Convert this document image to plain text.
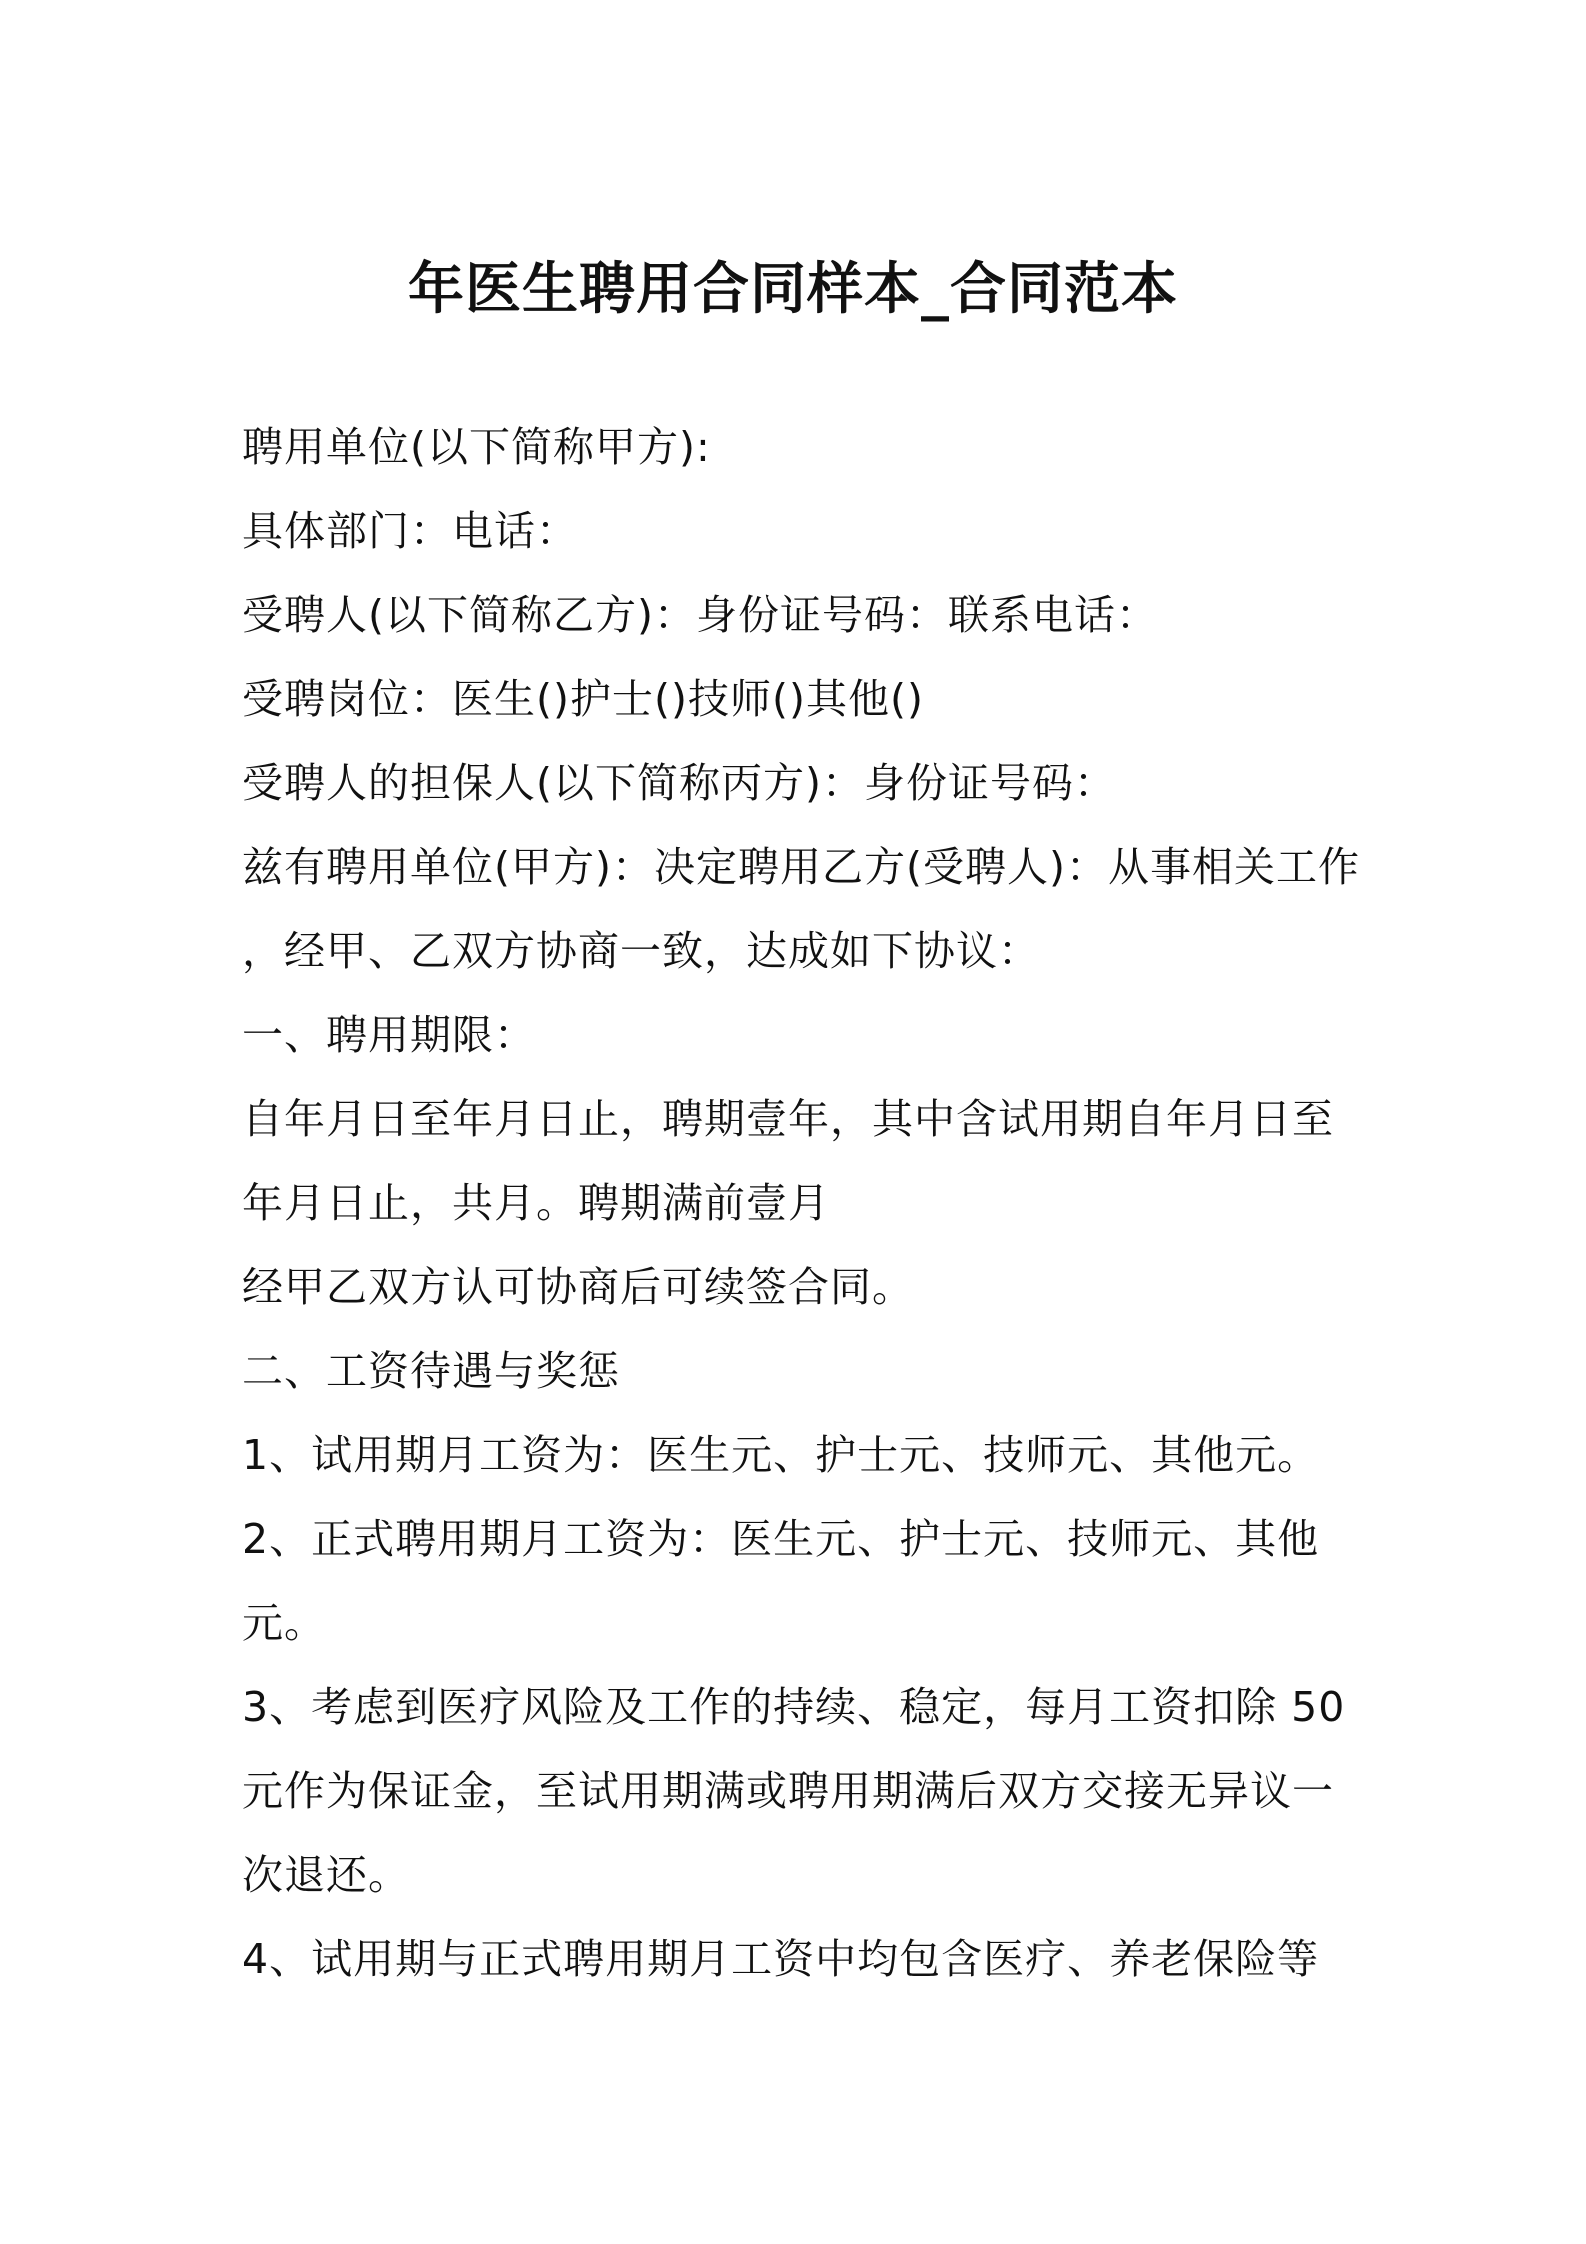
年医生聘用合同样本_合同范本
聘用单位(以下简称甲方):
具体部门：电话：
受聘人(以下简称乙方)：身份证号码：联系电话：
受聘岗位：医生()护士()技师()其他()
受聘人的担保人(以下简称丙方)：身份证号码：
兹有聘用单位(甲方)：决定聘用乙方(受聘人)：从事相关工作
，经甲、乙双方协商一致，达成如下协议：
一、聘用期限：
自年月日至年月日止，聘期壹年，其中含试用期自年月日至
年月日止，共月。聘期满前壹月
经甲乙双方认可协商后可续签合同。
二、工资待遇与奖惩
1、试用期月工资为：医生元、护士元、技师元、其他元。
2、正式聘用期月工资为：医生元、护士元、技师元、其他
元。
3、考虑到医疗风险及工作的持续、稳定，每月工资扣除 50
元作为保证金，至试用期满或聘用期满后双方交接无异议一
次退还。
4、试用期与正式聘用期月工资中均包含医疗、养老保险等
